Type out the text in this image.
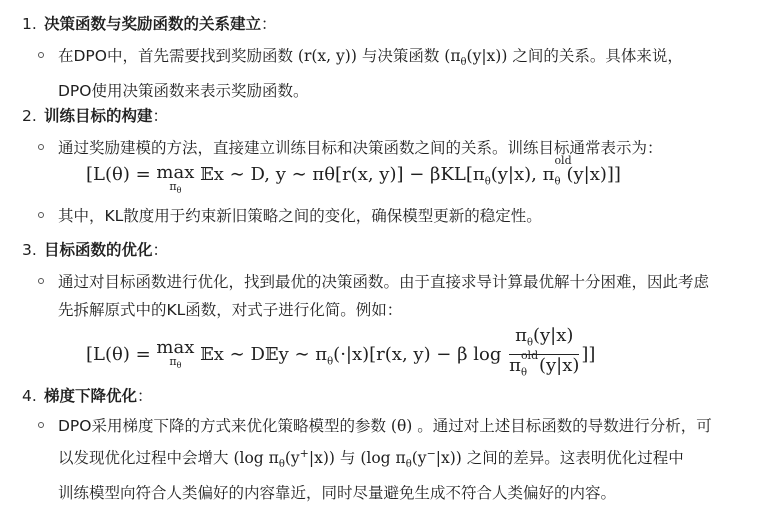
1. 决策函数与奖励函数的关系建立：
在DPO中，首先需要找到奖励函数 (r(x, y)) 与决策函数 $(\pi_\theta(y|x))$ 之间的关系。具体来说，
DPO使用决策函数来表示奖励函数。
2. 训练目标的构建：
通过奖励建模的方法，直接建立训练目标和决策函数之间的关系。训练目标通常表示为：
[L(θ) = max
$\pi_\theta$
𝔼x ∼ D, y ∼ πθ[r(x, $y)] - \beta KL[\pi_\theta(y|x)$, π
old
$_\theta$ (y|x)]]
其中，KL散度用于约束新旧策略之间的变化，确保模型更新的稳定性。
3. 目标函数的优化：
通过对目标函数进行优化，找到最优的决策函数。由于直接求导计算最优解十分困难，因此考虑
先拆解原式中的KL函数，对式子进行化简。例如：
[L(θ) = max
$\pi_\theta$
𝔼x ∼ D𝔼y ∼ $\pi_\theta(\cdot|x)[r(x$, y) − β $\log \pi_\theta(y|x)$
π old
$_\theta$ (y|x) ]]
4. 梯度下降优化：
DPO采用梯度下降的方式来优化策略模型的参数 (θ) 。通过对上述目标函数的导数进行分析，可
以发现优化过程中会增大 (log $\pi_\theta(y^+|x)$) 与 (log $\pi_\theta(y^-|x)$) 之间的差异。这表明优化过程中
训练模型向符合人类偏好的内容靠近，同时尽量避免生成不符合人类偏好的内容。
